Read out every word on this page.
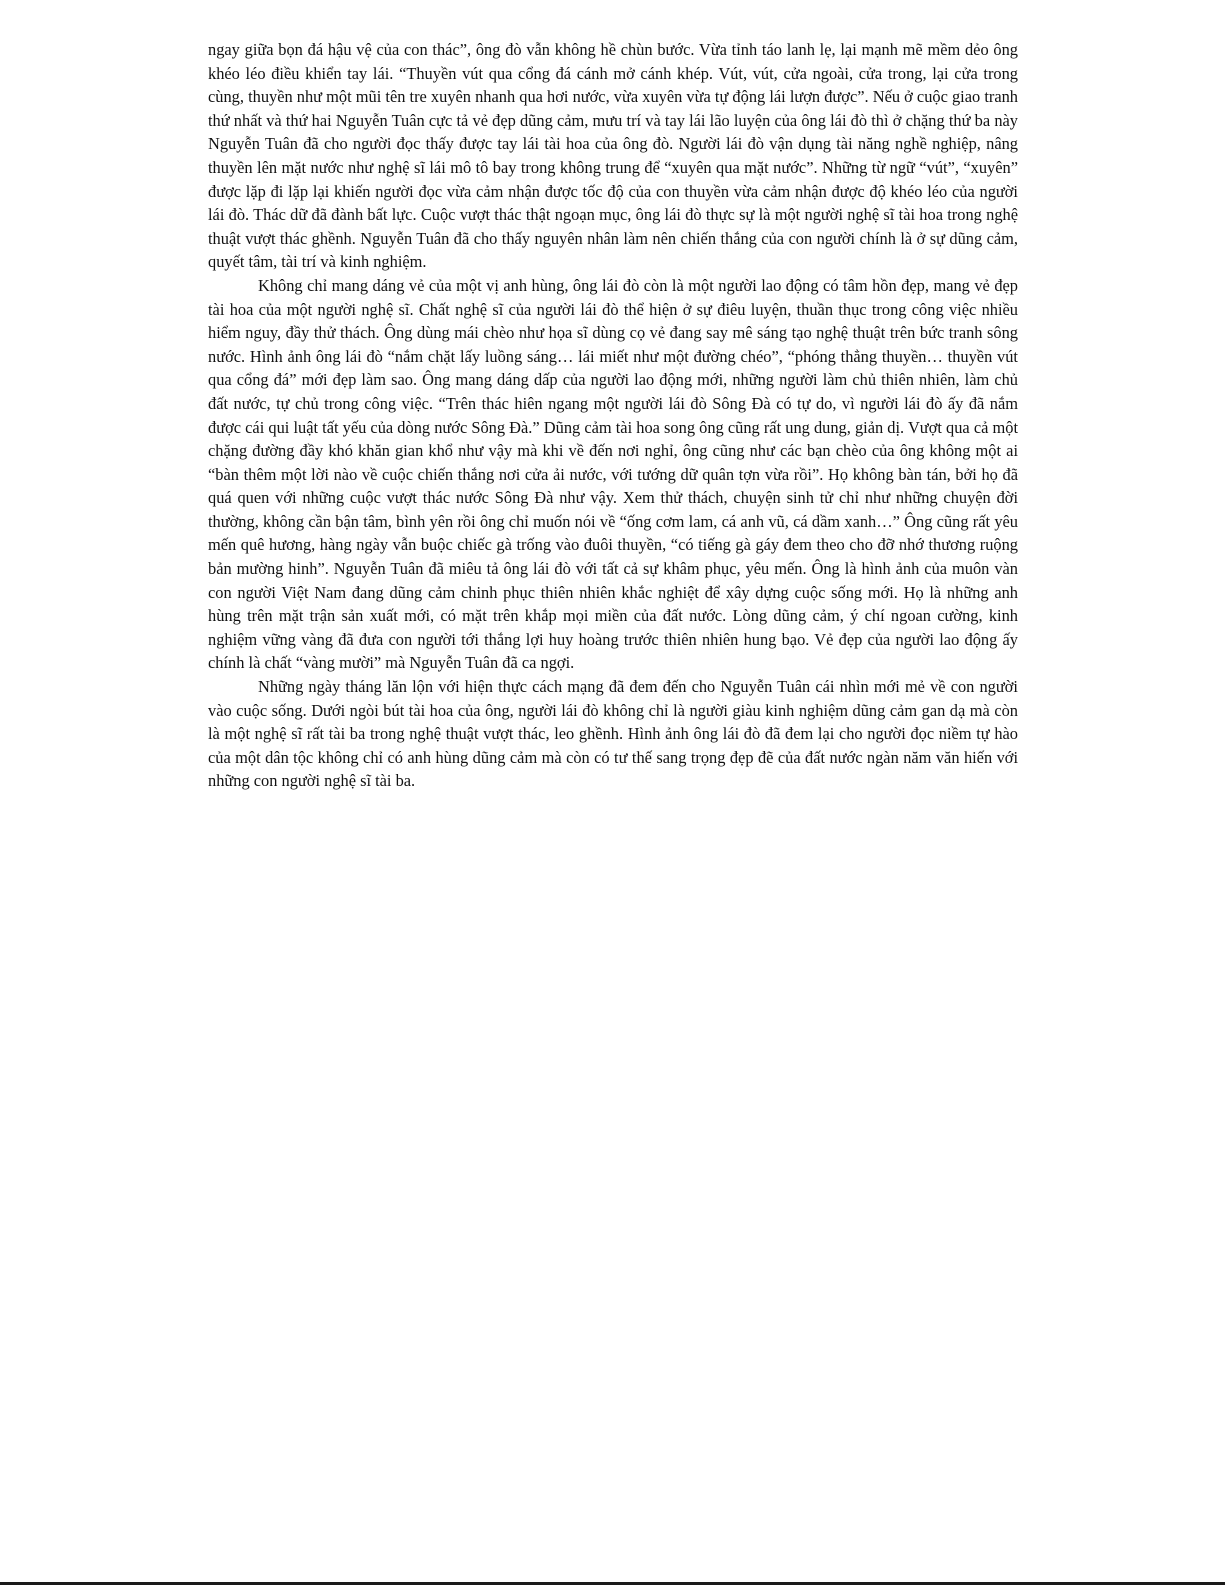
ngay giữa bọn đá hậu vệ của con thác”, ông đò vẫn không hề chùn bước. Vừa tỉnh táo lanh lẹ, lại mạnh mẽ mềm dẻo ông khéo léo điều khiển tay lái. “Thuyền vút qua cổng đá cánh mở cánh khép. Vút, vút, cửa ngoài, cửa trong, lại cửa trong cùng, thuyền như một mũi tên tre xuyên nhanh qua hơi nước, vừa xuyên vừa tự động lái lượn được”. Nếu ở cuộc giao tranh thứ nhất và thứ hai Nguyễn Tuân cực tả vẻ đẹp dũng cảm, mưu trí và tay lái lão luyện của ông lái đò thì ở chặng thứ ba này Nguyễn Tuân đã cho người đọc thấy được tay lái tài hoa của ông đò. Người lái đò vận dụng tài năng nghề nghiệp, nâng thuyền lên mặt nước như nghệ sĩ lái mô tô bay trong không trung để “xuyên qua mặt nước”. Những từ ngữ “vút”, “xuyên” được lặp đi lặp lại khiến người đọc vừa cảm nhận được tốc độ của con thuyền vừa cảm nhận được độ khéo léo của người lái đò. Thác dữ đã đành bất lực. Cuộc vượt thác thật ngoạn mục, ông lái đò thực sự là một người nghệ sĩ tài hoa trong nghệ thuật vượt thác ghềnh. Nguyễn Tuân đã cho thấy nguyên nhân làm nên chiến thắng của con người chính là ở sự dũng cảm, quyết tâm, tài trí và kinh nghiệm.

Không chỉ mang dáng vẻ của một vị anh hùng, ông lái đò còn là một người lao động có tâm hồn đẹp, mang vẻ đẹp tài hoa của một người nghệ sĩ. Chất nghệ sĩ của người lái đò thể hiện ở sự điêu luyện, thuần thục trong công việc nhiều hiểm nguy, đầy thử thách. Ông dùng mái chèo như họa sĩ dùng cọ vẻ đang say mê sáng tạo nghệ thuật trên bức tranh sông nước. Hình ảnh ông lái đò “nắm chặt lấy luồng sáng… lái miết như một đường chéo”, “phóng thẳng thuyền… thuyền vút qua cổng đá” mới đẹp làm sao. Ông mang dáng dấp của người lao động mới, những người làm chủ thiên nhiên, làm chủ đất nước, tự chủ trong công việc. “Trên thác hiên ngang một người lái đò Sông Đà có tự do, vì người lái đò ấy đã nắm được cái qui luật tất yếu của dòng nước Sông Đà.” Dũng cảm tài hoa song ông cũng rất ung dung, giản dị. Vượt qua cả một chặng đường đầy khó khăn gian khổ như vậy mà khi về đến nơi nghỉ, ông cũng như các bạn chèo của ông không một ai “bàn thêm một lời nào về cuộc chiến thắng nơi cửa ải nước, với tướng dữ quân tợn vừa rồi”. Họ không bàn tán, bởi họ đã quá quen với những cuộc vượt thác nước Sông Đà như vậy. Xem thử thách, chuyện sinh tử chỉ như những chuyện đời thường, không cần bận tâm, bình yên rồi ông chỉ muốn nói về “ống cơm lam, cá anh vũ, cá dầm xanh…” Ông cũng rất yêu mến quê hương, hàng ngày vẫn buộc chiếc gà trống vào đuôi thuyền, “có tiếng gà gáy đem theo cho đỡ nhớ thương ruộng bản mường hinh”. Nguyễn Tuân đã miêu tả ông lái đò với tất cả sự khâm phục, yêu mến. Ông là hình ảnh của muôn vàn con người Việt Nam đang dũng cảm chinh phục thiên nhiên khắc nghiệt để xây dựng cuộc sống mới. Họ là những anh hùng trên mặt trận sản xuất mới, có mặt trên khắp mọi miền của đất nước. Lòng dũng cảm, ý chí ngoan cường, kinh nghiệm vững vàng đã đưa con người tới thắng lợi huy hoàng trước thiên nhiên hung bạo. Vẻ đẹp của người lao động ấy chính là chất “vàng mười” mà Nguyễn Tuân đã ca ngợi.

Những ngày tháng lăn lộn với hiện thực cách mạng đã đem đến cho Nguyễn Tuân cái nhìn mới mẻ về con người vào cuộc sống. Dưới ngòi bút tài hoa của ông, người lái đò không chỉ là người giàu kinh nghiệm dũng cảm gan dạ mà còn là một nghệ sĩ rất tài ba trong nghệ thuật vượt thác, leo ghềnh. Hình ảnh ông lái đò đã đem lại cho người đọc niềm tự hào của một dân tộc không chỉ có anh hùng dũng cảm mà còn có tư thế sang trọng đẹp đẽ của đất nước ngàn năm văn hiến với những con người nghệ sĩ tài ba.
